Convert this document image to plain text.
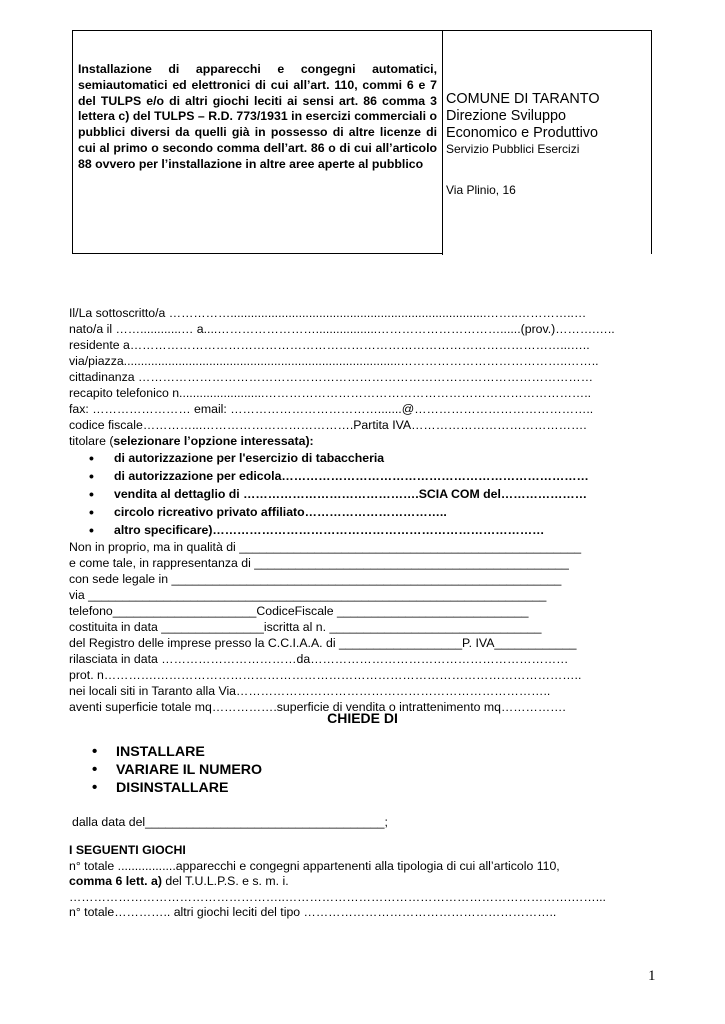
Installazione di apparecchi e congegni automatici, semiautomatici ed elettronici di cui all’art. 110, commi 6 e 7 del TULPS e/o di altri giochi leciti ai sensi art. 86 comma 3 lettera c) del TULPS – R.D. 773/1931 in esercizi commerciali o pubblici diversi da quelli già in possesso di altre licenze di cui al primo o secondo comma dell’art. 86 o di cui all’articolo 88 ovvero per l’installazione in altre aree aperte al pubblico
COMUNE DI TARANTO
Direzione Sviluppo
Economico e Produttivo
Servizio Pubblici Esercizi
Via Plinio, 16
Il/La sottoscritto/a ……………...........................................................................……..…………..…
nato/a il ……............… a....……………………..................…………………………......(prov.)……….…..
residente a……………………………………………………………………………………………...…..
via/piazza.................................................................................…………………………………..……..
cittadinanza …………………………………………………………………………………………………
recapito telefonico n.........................……………………………………………………………………..
fax: …………………… email: ……………………………….......@……………………………………..
codice fiscale…………...……………………………….Partita IVA…………………………………….
titolare (selezionare l’opzione interessata):
• di autorizzazione per l'esercizio di tabaccheria
• di autorizzazione per edicola…………………………………………………………………
• vendita al dettaglio di …………………………………….SCIA COM del…………………
• circolo ricreativo privato affiliato……………………………..
• altro specificare)………………………………………………………………………
Non in proprio, ma in qualità di __________________________________________________
e come tale, in rappresentanza di ______________________________________________
con sede legale in _________________________________________________________
via ___________________________________________________________________
telefono_____________________CodiceFiscale ____________________________
costituita in data _______________iscritta al n. _______________________________
del Registro delle imprese presso la C.C.I.A.A. di __________________P. IVA____________
rilasciata in data ……………………………da………………………………………………………
prot. n………….…………………………………………………………………………………………..
nei locali siti in Taranto alla Via…………………………………………………………………..
aventi superficie totale mq…………….superficie di vendita o intrattenimento mq…………….
CHIEDE DI
• INSTALLARE
• VARIARE IL NUMERO
• DISINSTALLARE
dalla data del___________________________________;
I SEGUENTI GIOCHI
n° totale .................apparecchi e congegni appartenenti alla tipologia di cui all’articolo 110,
comma 6 lett. a) del T.U.L.P.S. e s. m. i.
……………………………………………..…………………………………………………………….……...
n° totale………….. altri giochi leciti del tipo ……………………………………………………..
1
